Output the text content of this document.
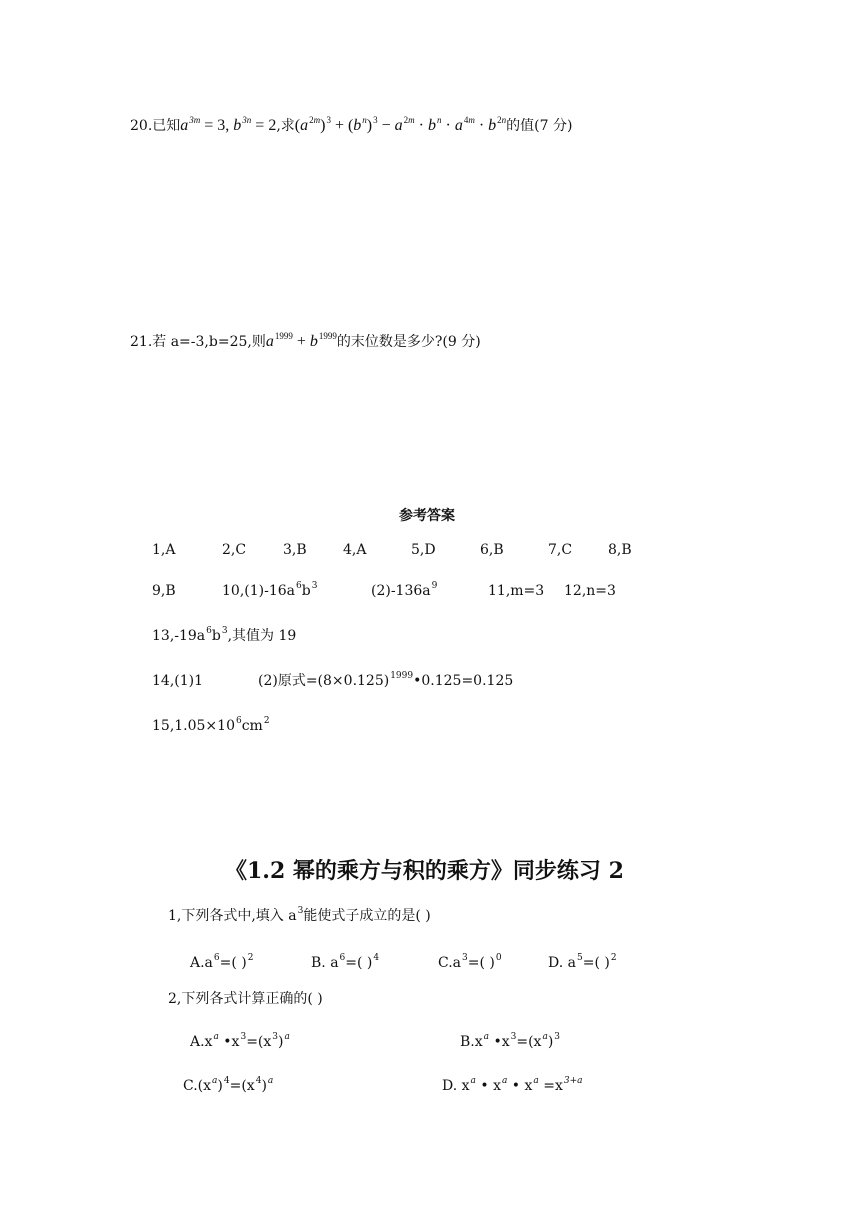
20.已知$a^{3m} = 3$, $b^{3n} = 2$,求$(a^{2m})^3 + (b^n)^3 - a^{2m} \cdot b^n \cdot a^{4m} \cdot b^{2n}$的值(7 分)
21.若 a=-3,b=25,则$a^{1999} + b^{1999}$的末位数是多少?(9 分)
参考答案
1,A	2,C	3,B	4,A	5,D	6,B	7,C	8,B
9,B	$10,(1)-16a^6b^3$	$(2)-136a^9$	11,m=3 12,n=3
$13,-19a^6b^3$,其值为 19
14,(1)1	(2)原式$=(8\times 0.125)^{1999}•0.125=0.125$
$15,1.05\times 10^6cm^2$
《1.2 幂的乘方与积的乘方》同步练习 2
1,下列各式中,填入 $a^3$能使式子成立的是( )
$A.a^6=$( )$^2$	B. $a^6=$( )$^4$	$C.a^3=$( )$^0$	D. $a^5=$( )$^2$
2,下列各式计算正确的( )
$A.x^a$ $•x^3=(x^3)^a$	$B.x^a$ $•x^3=(x^a)^3$
$C.(x^a)^4=(x^4)^a$	D. $x^a$ • $x^a$ • $x^a =x^{3+a}$
